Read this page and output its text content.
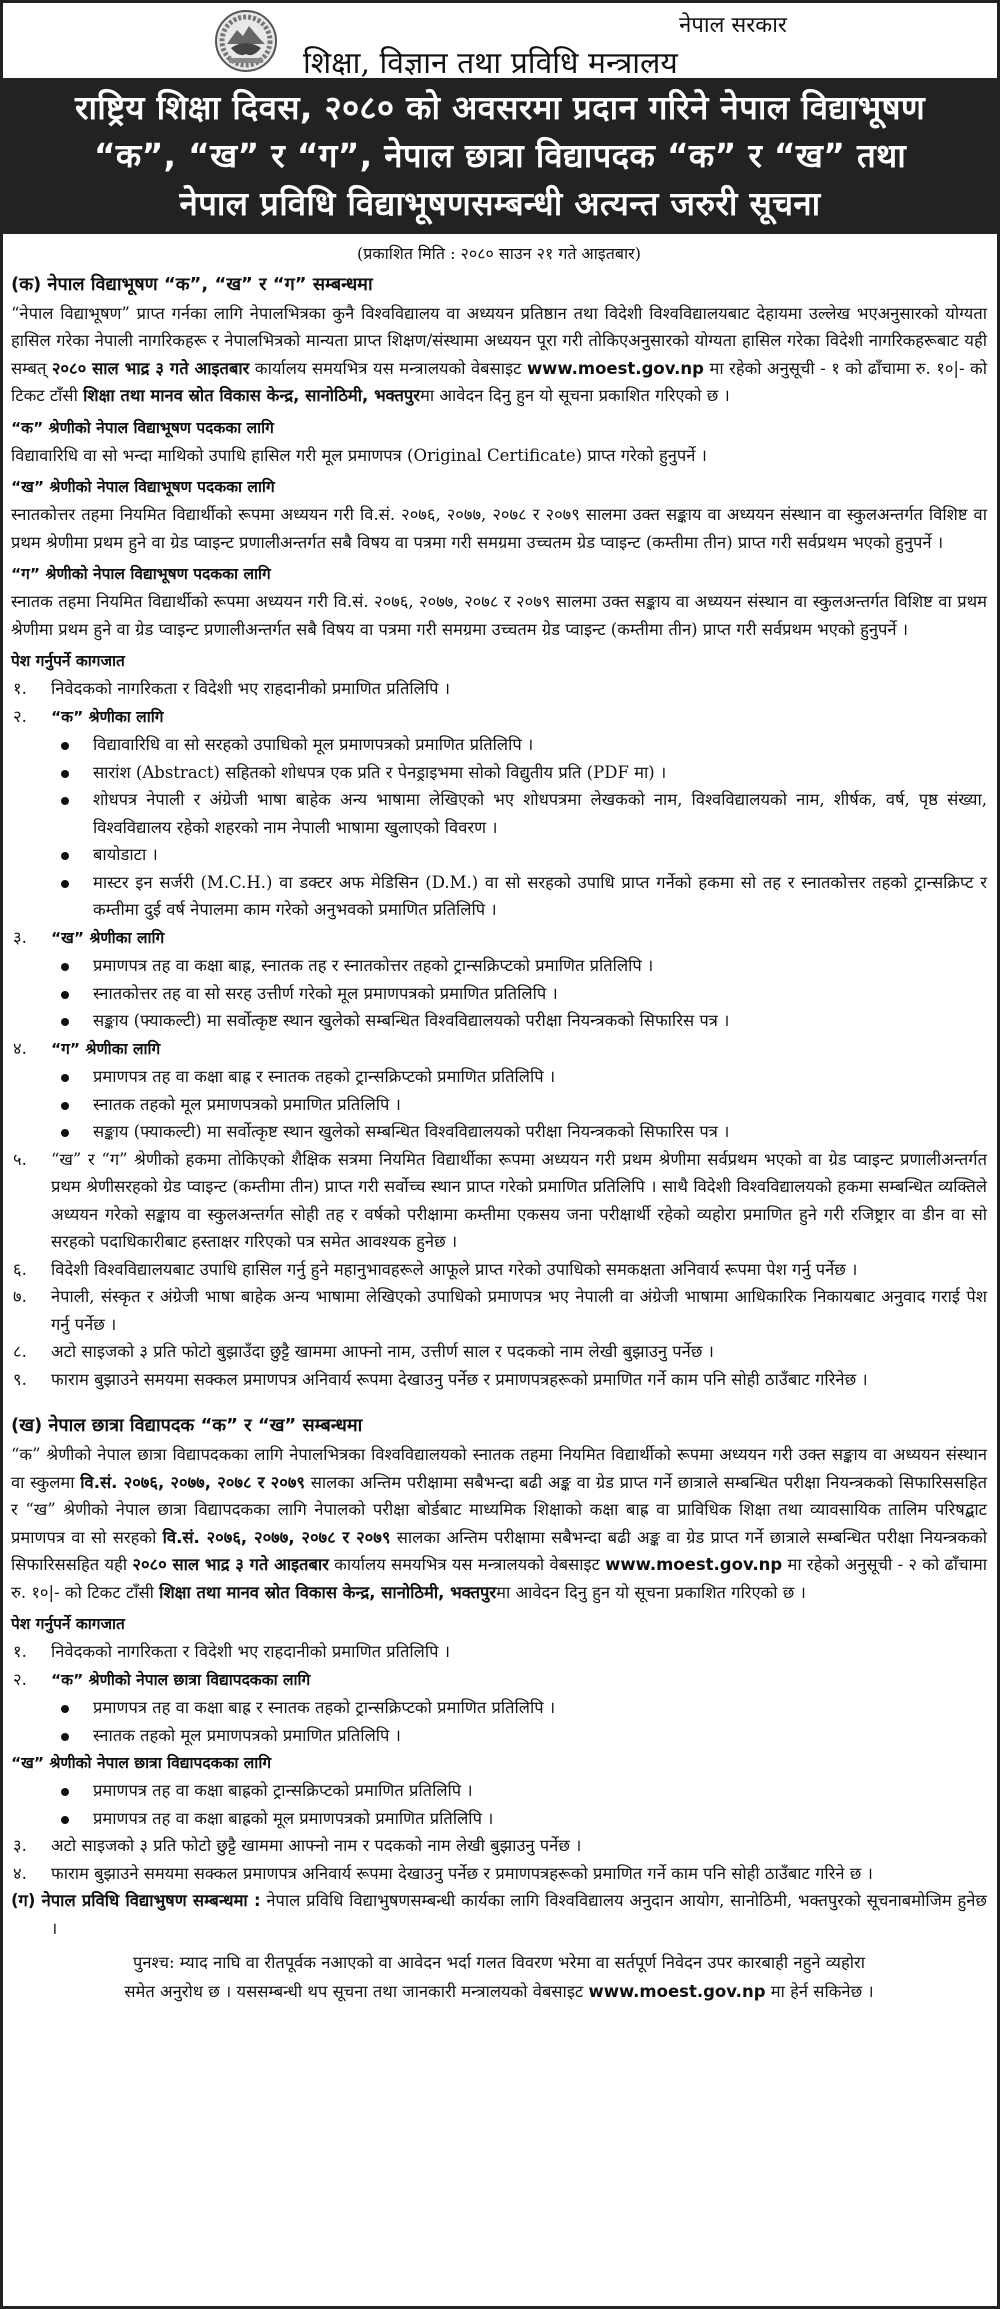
नेपाल सरकार
शिक्षा, विज्ञान तथा प्रविधि मन्त्रालय
राष्ट्रिय शिक्षा दिवस, २०८० को अवसरमा प्रदान गरिने नेपाल विद्याभूषण
“क”, “ख” र “ग”, नेपाल छात्रा विद्यापदक “क” र “ख” तथा
नेपाल प्रविधि विद्याभूषणसम्बन्धी अत्यन्त जरुरी सूचना
(प्रकाशित मिति : २०८० साउन २१ गते आइतबार)
(क) नेपाल विद्याभूषण “क”, “ख” र “ग” सम्बन्धमा

“नेपाल विद्याभूषण” प्राप्त गर्नका लागि नेपालभित्रका कुनै विश्वविद्यालय वा अध्ययन प्रतिष्ठान तथा विदेशी विश्वविद्यालयबाट देहायमा उल्लेख भएअनुसारको योग्यता हासिल गरेका नेपाली नागरिकहरू र नेपालभित्रको मान्यता प्राप्त शिक्षण/संस्थामा अध्ययन पूरा गरी तोकिएअनुसारको योग्यता हासिल गरेका विदेशी नागरिकहरूबाट यही सम्बत् २०८० साल भाद्र ३ गते आइतबार कार्यालय समयभित्र यस मन्त्रालयको वेबसाइट www.moest.gov.np मा रहेको अनुसूची - १ को ढाँचामा रु. १०|- को टिकट टाँसी शिक्षा तथा मानव स्रोत विकास केन्द्र, सानोठिमी, भक्तपुरमा आवेदन दिनु हुन यो सूचना प्रकाशित गरिएको छ ।

“क” श्रेणीको नेपाल विद्याभूषण पदकका लागि

विद्यावारिधि वा सो भन्दा माथिको उपाधि हासिल गरी मूल प्रमाणपत्र (Original Certificate) प्राप्त गरेको हुनुपर्ने ।

“ख” श्रेणीको नेपाल विद्याभूषण पदकका लागि

स्नातकोत्तर तहमा नियमित विद्यार्थीको रूपमा अध्ययन गरी वि.सं. २०७६, २०७७, २०७८ र २०७९ सालमा उक्त सङ्काय वा अध्ययन संस्थान वा स्कुलअन्तर्गत विशिष्ट वा प्रथम श्रेणीमा प्रथम हुने वा ग्रेड प्वाइन्ट प्रणालीअन्तर्गत सबै विषय वा पत्रमा गरी समग्रमा उच्चतम ग्रेड प्वाइन्ट (कम्तीमा तीन) प्राप्त गरी सर्वप्रथम भएको हुनुपर्ने ।

“ग” श्रेणीको नेपाल विद्याभूषण पदकका लागि

स्नातक तहमा नियमित विद्यार्थीको रूपमा अध्ययन गरी वि.सं. २०७६, २०७७, २०७८ र २०७९ सालमा उक्त सङ्काय वा अध्ययन संस्थान वा स्कुलअन्तर्गत विशिष्ट वा प्रथम श्रेणीमा प्रथम हुने वा ग्रेड प्वाइन्ट प्रणालीअन्तर्गत सबै विषय वा पत्रमा गरी समग्रमा उच्चतम ग्रेड प्वाइन्ट (कम्तीमा तीन) प्राप्त गरी सर्वप्रथम भएको हुनुपर्ने ।

पेश गर्नुपर्ने कागजात
१. निवेदकको नागरिकता र विदेशी भए राहदानीको प्रमाणित प्रतिलिपि ।
२. “क” श्रेणीका लागि
विद्यावारिधि वा सो सरहको उपाधिको मूल प्रमाणपत्रको प्रमाणित प्रतिलिपि ।
सारांश (Abstract) सहितको शोधपत्र एक प्रति र पेनड्राइभमा सोको विद्युतीय प्रति (PDF मा) ।
शोधपत्र नेपाली र अंग्रेजी भाषा बाहेक अन्य भाषामा लेखिएको भए शोधपत्रमा लेखकको नाम, विश्वविद्यालयको नाम, शीर्षक, वर्ष, पृष्ठ संख्या, विश्वविद्यालय रहेको शहरको नाम नेपाली भाषामा खुलाएको विवरण ।
बायोडाटा ।
मास्टर इन सर्जरी (M.C.H.) वा डक्टर अफ मेडिसिन (D.M.) वा सो सरहको उपाधि प्राप्त गर्नेको हकमा सो तह र स्नातकोत्तर तहको ट्रान्सक्रिप्ट र कम्तीमा दुई वर्ष नेपालमा काम गरेको अनुभवको प्रमाणित प्रतिलिपि ।
३. “ख” श्रेणीका लागि
प्रमाणपत्र तह वा कक्षा बाह्र, स्नातक तह र स्नातकोत्तर तहको ट्रान्सक्रिप्टको प्रमाणित प्रतिलिपि ।
स्नातकोत्तर तह वा सो सरह उत्तीर्ण गरेको मूल प्रमाणपत्रको प्रमाणित प्रतिलिपि ।
सङ्काय (फ्याकल्टी) मा सर्वोत्कृष्ट स्थान खुलेको सम्बन्धित विश्वविद्यालयको परीक्षा नियन्त्रकको सिफारिस पत्र ।
४. “ग” श्रेणीका लागि
प्रमाणपत्र तह वा कक्षा बाह्र र स्नातक तहको ट्रान्सक्रिप्टको प्रमाणित प्रतिलिपि ।
स्नातक तहको मूल प्रमाणपत्रको प्रमाणित प्रतिलिपि ।
सङ्काय (फ्याकल्टी) मा सर्वोत्कृष्ट स्थान खुलेको सम्बन्धित विश्वविद्यालयको परीक्षा नियन्त्रकको सिफारिस पत्र ।
५. “ख” र “ग” श्रेणीको हकमा तोकिएको शैक्षिक सत्रमा नियमित विद्यार्थीका रूपमा अध्ययन गरी प्रथम श्रेणीमा सर्वप्रथम भएको वा ग्रेड प्वाइन्ट प्रणालीअन्तर्गत प्रथम श्रेणीसरहको ग्रेड प्वाइन्ट (कम्तीमा तीन) प्राप्त गरी सर्वोच्च स्थान प्राप्त गरेको प्रमाणित प्रतिलिपि । साथै विदेशी विश्वविद्यालयको हकमा सम्बन्धित व्यक्तिले अध्ययन गरेको सङ्काय वा स्कुलअन्तर्गत सोही तह र वर्षको परीक्षामा कम्तीमा एकसय जना परीक्षार्थी रहेको व्यहोरा प्रमाणित हुने गरी रजिष्ट्रार वा डीन वा सो सरहको पदाधिकारीबाट हस्ताक्षर गरिएको पत्र समेत आवश्यक हुनेछ ।
६. विदेशी विश्वविद्यालयबाट उपाधि हासिल गर्नु हुने महानुभावहरूले आफूले प्राप्त गरेको उपाधिको समकक्षता अनिवार्य रूपमा पेश गर्नु पर्नेछ ।
७. नेपाली, संस्कृत र अंग्रेजी भाषा बाहेक अन्य भाषामा लेखिएको उपाधिको प्रमाणपत्र भए नेपाली वा अंग्रेजी भाषामा आधिकारिक निकायबाट अनुवाद गराई पेश गर्नु पर्नेछ ।
८. अटो साइजको ३ प्रति फोटो बुझाउँदा छुट्टै खाममा आफ्नो नाम, उत्तीर्ण साल र पदकको नाम लेखी बुझाउनु पर्नेछ ।
९. फाराम बुझाउने समयमा सक्कल प्रमाणपत्र अनिवार्य रूपमा देखाउनु पर्नेछ र प्रमाणपत्रहरूको प्रमाणित गर्ने काम पनि सोही ठाउँबाट गरिनेछ ।
(ख) नेपाल छात्रा विद्यापदक “क” र “ख” सम्बन्धमा

“क” श्रेणीको नेपाल छात्रा विद्यापदकका लागि नेपालभित्रका विश्वविद्यालयको स्नातक तहमा नियमित विद्यार्थीको रूपमा अध्ययन गरी उक्त सङ्काय वा अध्ययन संस्थान वा स्कुलमा वि.सं. २०७६, २०७७, २०७८ र २०७९ सालका अन्तिम परीक्षामा सबैभन्दा बढी अङ्क वा ग्रेड प्राप्त गर्ने छात्राले सम्बन्धित परीक्षा नियन्त्रकको सिफारिससहित र “ख” श्रेणीको नेपाल छात्रा विद्यापदकका लागि नेपालको परीक्षा बोर्डबाट माध्यमिक शिक्षाको कक्षा बाह्र वा प्राविधिक शिक्षा तथा व्यावसायिक तालिम परिषद्बाट प्रमाणपत्र वा सो सरहको वि.सं. २०७६, २०७७, २०७८ र २०७९ सालका अन्तिम परीक्षामा सबैभन्दा बढी अङ्क वा ग्रेड प्राप्त गर्ने छात्राले सम्बन्धित परीक्षा नियन्त्रकको सिफारिससहित यही २०८० साल भाद्र ३ गते आइतबार कार्यालय समयभित्र यस मन्त्रालयको वेबसाइट www.moest.gov.np मा रहेको अनुसूची - २ को ढाँचामा रु. १०|- को टिकट टाँसी शिक्षा तथा मानव स्रोत विकास केन्द्र, सानोठिमी, भक्तपुरमा आवेदन दिनु हुन यो सूचना प्रकाशित गरिएको छ ।

पेश गर्नुपर्ने कागजात
१. निवेदकको नागरिकता र विदेशी भए राहदानीको प्रमाणित प्रतिलिपि ।
२. “क” श्रेणीको नेपाल छात्रा विद्यापदकका लागि
प्रमाणपत्र तह वा कक्षा बाह्र र स्नातक तहको ट्रान्सक्रिप्टको प्रमाणित प्रतिलिपि ।
स्नातक तहको मूल प्रमाणपत्रको प्रमाणित प्रतिलिपि ।
“ख” श्रेणीको नेपाल छात्रा विद्यापदकका लागि
प्रमाणपत्र तह वा कक्षा बाह्रको ट्रान्सक्रिप्टको प्रमाणित प्रतिलिपि ।
प्रमाणपत्र तह वा कक्षा बाह्रको मूल प्रमाणपत्रको प्रमाणित प्रतिलिपि ।
३. अटो साइजको ३ प्रति फोटो छुट्टै खाममा आफ्नो नाम र पदकको नाम लेखी बुझाउनु पर्नेछ ।
४. फाराम बुझाउने समयमा सक्कल प्रमाणपत्र अनिवार्य रूपमा देखाउनु पर्नेछ र प्रमाणपत्रहरूको प्रमाणित गर्ने काम पनि सोही ठाउँबाट गरिने छ ।

(ग) नेपाल प्रविधि विद्याभुषण सम्बन्धमा : नेपाल प्रविधि विद्याभुषणसम्बन्धी कार्यका लागि विश्वविद्यालय अनुदान आयोग, सानोठिमी, भक्तपुरको सूचनाबमोजिम हुनेछ ।

पुनश्च: म्याद नाघि वा रीतपूर्वक नआएको वा आवेदन भर्दा गलत विवरण भरेमा वा सर्तपूर्ण निवेदन उपर कारबाही नहुने व्यहोरा
समेत अनुरोध छ । यससम्बन्धी थप सूचना तथा जानकारी मन्त्रालयको वेबसाइट www.moest.gov.np मा हेर्न सकिनेछ ।
